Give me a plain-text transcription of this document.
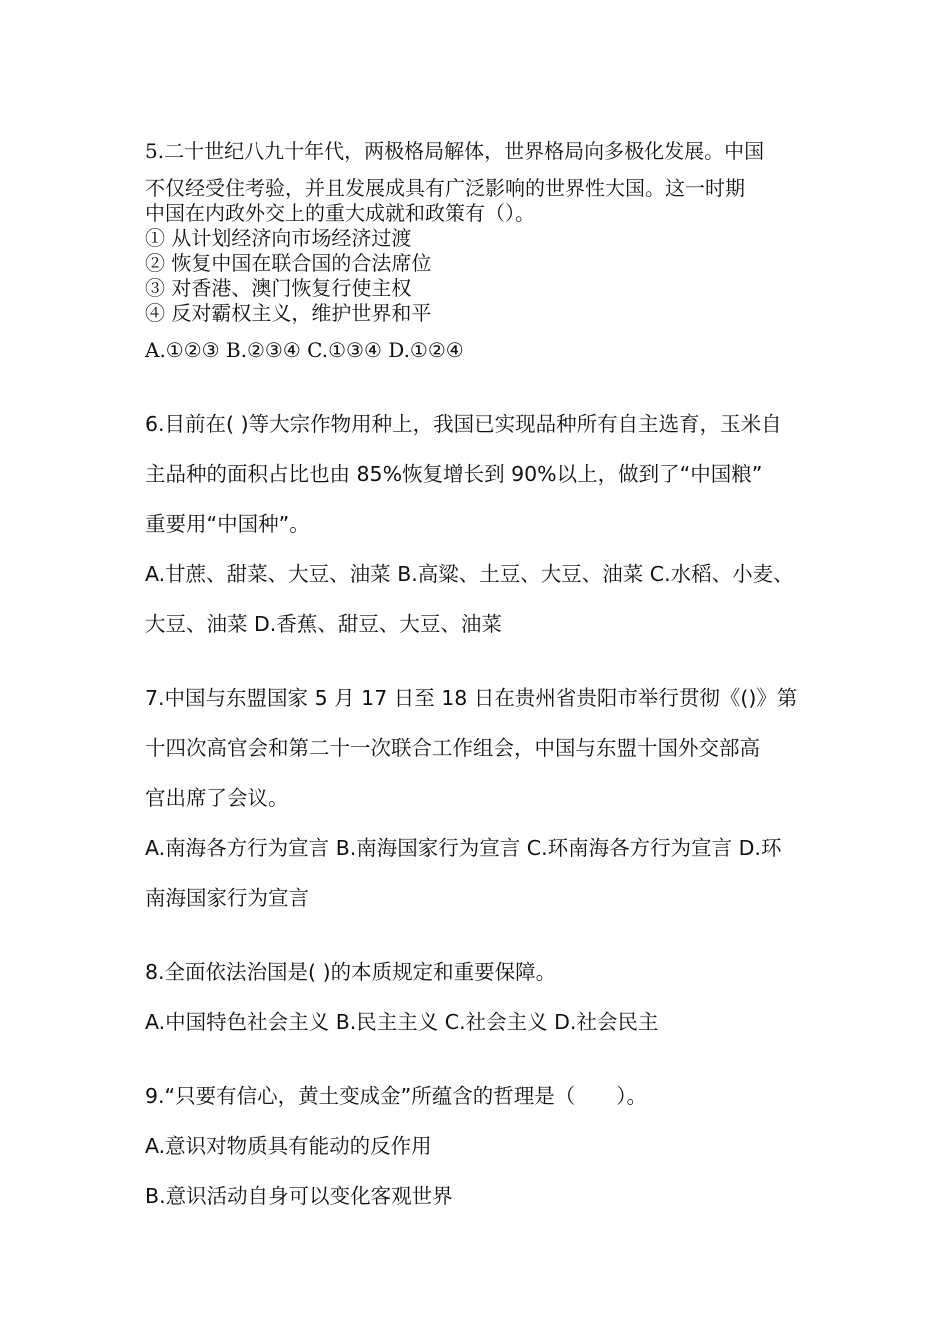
5.二十世纪八九十年代，两极格局解体，世界格局向多极化发展。中国
不仅经受住考验，并且发展成具有广泛影响的世界性大国。这一时期
中国在内政外交上的重大成就和政策有（）。
① 从计划经济向市场经济过渡
② 恢复中国在联合国的合法席位
③ 对香港、澳门恢复行使主权
④ 反对霸权主义，维护世界和平
A.①②③ B.②③④ C.①③④ D.①②④
6.目前在( )等大宗作物用种上，我国已实现品种所有自主选育，玉米自
主品种的面积占比也由 85%恢复增长到 90%以上，做到了“中国粮”
重要用“中国种”。
A.甘蔗、甜菜、大豆、油菜 B.高粱、土豆、大豆、油菜 C.水稻、小麦、
大豆、油菜 D.香蕉、甜豆、大豆、油菜
7.中国与东盟国家 5 月 17 日至 18 日在贵州省贵阳市举行贯彻《()》第
十四次高官会和第二十一次联合工作组会，中国与东盟十国外交部高
官出席了会议。
A.南海各方行为宣言 B.南海国家行为宣言 C.环南海各方行为宣言 D.环
南海国家行为宣言
8.全面依法治国是( )的本质规定和重要保障。
A.中国特色社会主义 B.民主主义 C.社会主义 D.社会民主
9.“只要有信心，黄土变成金”所蕴含的哲理是（　　）。
A.意识对物质具有能动的反作用
B.意识活动自身可以变化客观世界
